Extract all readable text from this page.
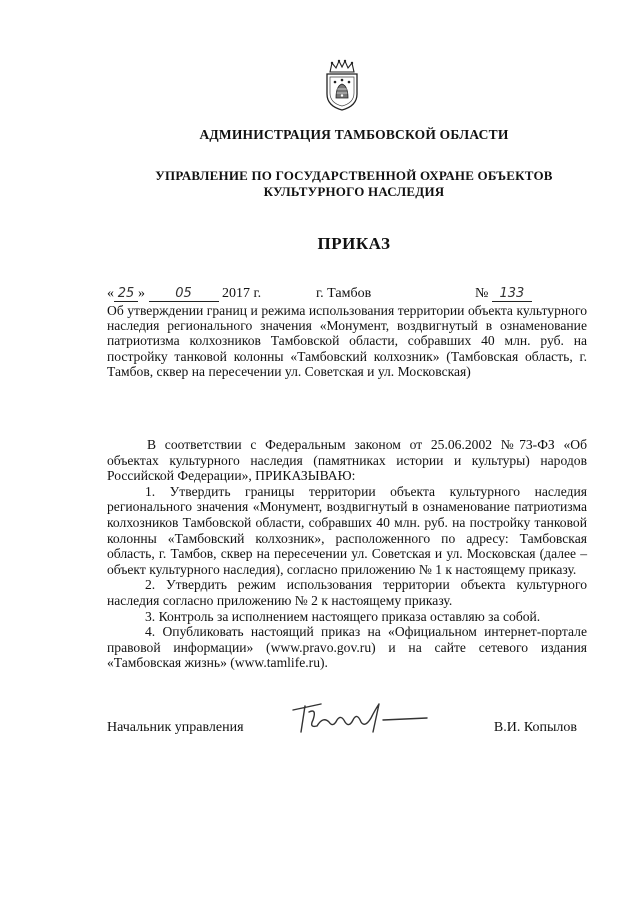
АДМИНИСТРАЦИЯ ТАМБОВСКОЙ ОБЛАСТИ
УПРАВЛЕНИЕ ПО ГОСУДАРСТВЕННОЙ ОХРАНЕ ОБЪЕКТОВ
КУЛЬТУРНОГО НАСЛЕДИЯ
ПРИКАЗ
« 25 » 05 2017 г.	г. Тамбов	№ 133
Об утверждении границ и режима использования территории объекта культурного наследия регионального значения «Монумент, воздвигнутый в ознаменование патриотизма колхозников Тамбовской области, собравших 40 млн. руб. на постройку танковой колонны «Тамбовский колхозник» (Тамбовская область, г. Тамбов, сквер на пересечении ул. Советская и ул. Московская)

В соответствии с Федеральным законом от 25.06.2002 №73-ФЗ «Об объектах культурного наследия (памятниках истории и культуры) народов Российской Федерации», ПРИКАЗЫВАЮ:

1. Утвердить границы территории объекта культурного наследия регионального значения «Монумент, воздвигнутый в ознаменование патриотизма колхозников Тамбовской области, собравших 40 млн. руб. на постройку танковой колонны «Тамбовский колхозник», расположенного по адресу: Тамбовская область, г. Тамбов, сквер на пересечении ул. Советская и ул. Московская (далее – объект культурного наследия), согласно приложению № 1 к настоящему приказу.

2. Утвердить режим использования территории объекта культурного наследия согласно приложению № 2 к настоящему приказу.

3. Контроль за исполнением настоящего приказа оставляю за собой.

4. Опубликовать настоящий приказ на «Официальном интернет-портале правовой информации» (www.pravo.gov.ru) и на сайте сетевого издания «Тамбовская жизнь» (www.tamlife.ru).

Начальник управления	В.И. Копылов
